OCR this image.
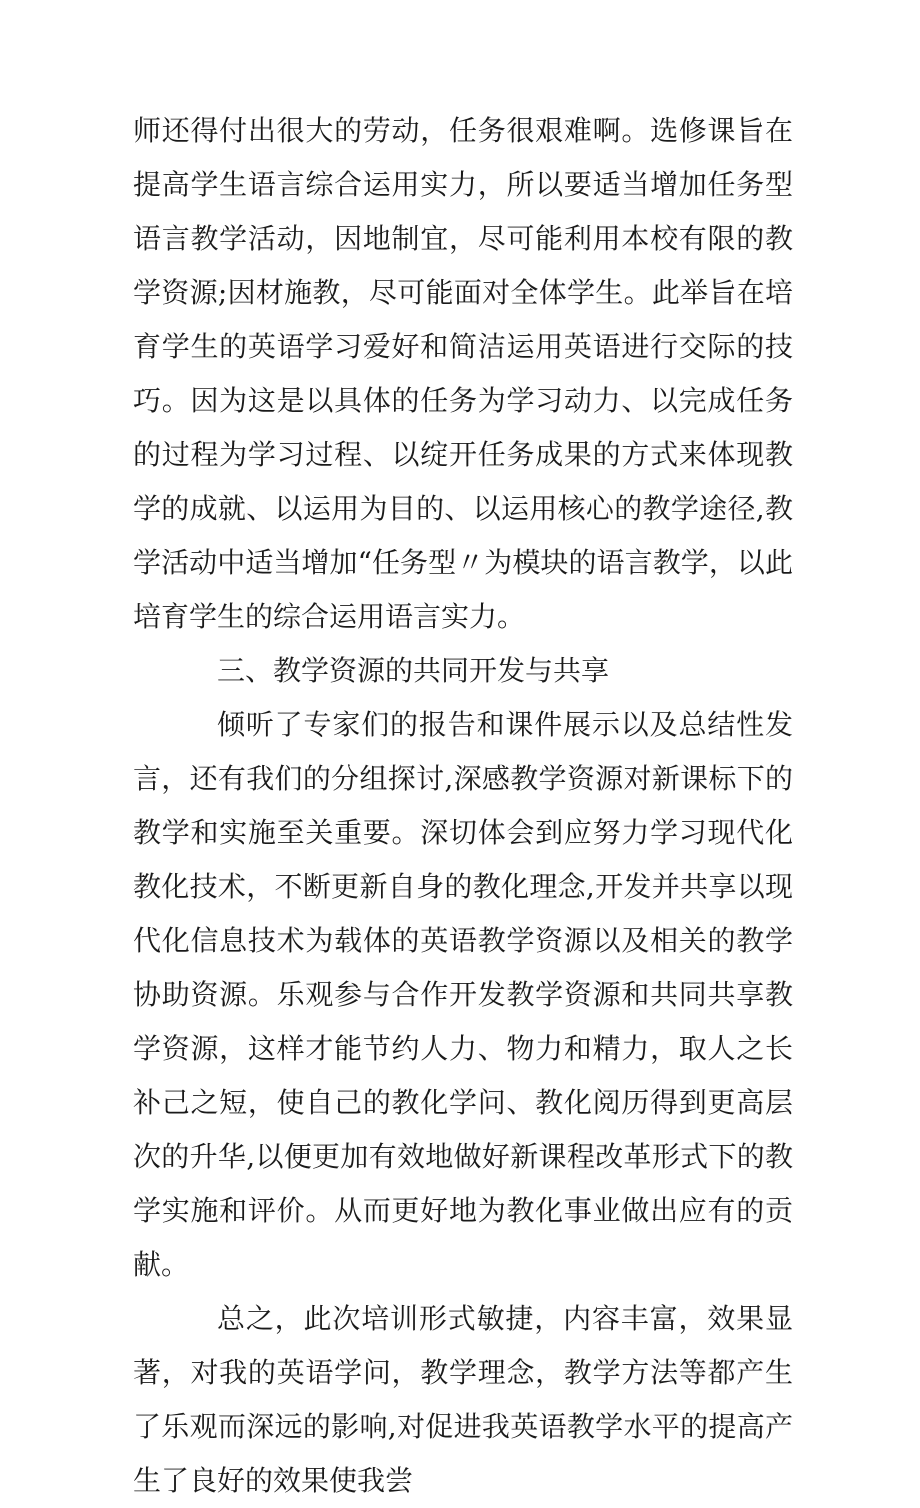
师还得付出很大的劳动，任务很艰难啊。选修课旨在提高学生语言综合运用实力，所以要适当增加任务型语言教学活动，因地制宜，尽可能利用本校有限的教学资源;因材施教，尽可能面对全体学生。此举旨在培育学生的英语学习爱好和简洁运用英语进行交际的技巧。因为这是以具体的任务为学习动力、以完成任务的过程为学习过程、以绽开任务成果的方式来体现教学的成就、以运用为目的、以运用核心的教学途径,教学活动中适当增加“任务型〃为模块的语言教学，以此培育学生的综合运用语言实力。

三、教学资源的共同开发与共享

倾听了专家们的报告和课件展示以及总结性发言，还有我们的分组探讨,深感教学资源对新课标下的教学和实施至关重要。深切体会到应努力学习现代化教化技术，不断更新自身的教化理念,开发并共享以现代化信息技术为载体的英语教学资源以及相关的教学协助资源。乐观参与合作开发教学资源和共同共享教学资源，这样才能节约人力、物力和精力，取人之长补己之短，使自己的教化学问、教化阅历得到更高层次的升华,以便更加有效地做好新课程改革形式下的教学实施和评价。从而更好地为教化事业做出应有的贡献。

总之，此次培训形式敏捷，内容丰富，效果显著，对我的英语学问，教学理念，教学方法等都产生了乐观而深远的影响,对促进我英语教学水平的提高产生了良好的效果使我尝
